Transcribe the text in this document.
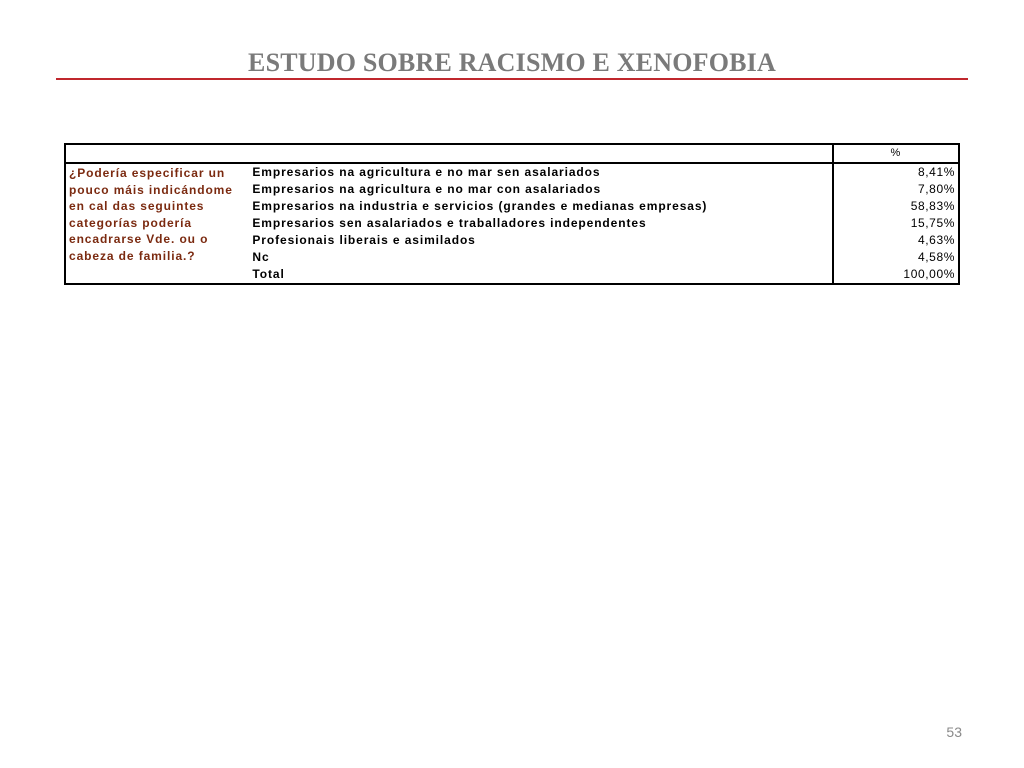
ESTUDO SOBRE RACISMO E XENOFOBIA
		%
¿Podería especificar un pouco máis indicándome en cal das seguintes categorías podería encadrarse Vde. ou o cabeza de familia.?	Empresarios na agricultura e no mar sen asalariados	8,41%
	Empresarios na agricultura e no mar con asalariados	7,80%
	Empresarios na industria e servicios (grandes e medianas empresas)	58,83%
	Empresarios sen asalariados e traballadores independentes	15,75%
	Profesionais liberais e asimilados	4,63%
	Nc	4,58%
	Total	100,00%
53
